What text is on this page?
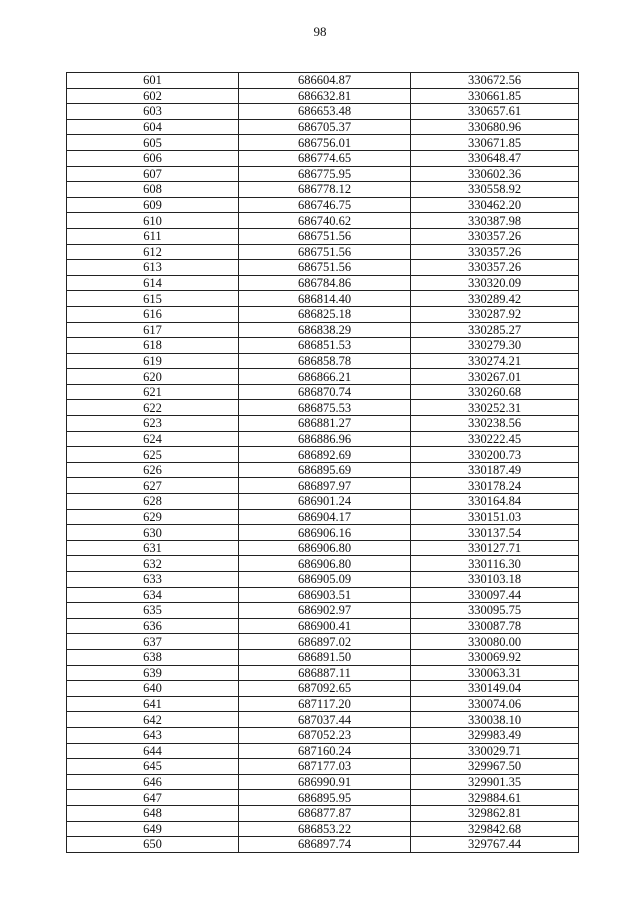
98
601	686604.87	330672.56
602	686632.81	330661.85
603	686653.48	330657.61
604	686705.37	330680.96
605	686756.01	330671.85
606	686774.65	330648.47
607	686775.95	330602.36
608	686778.12	330558.92
609	686746.75	330462.20
610	686740.62	330387.98
611	686751.56	330357.26
612	686751.56	330357.26
613	686751.56	330357.26
614	686784.86	330320.09
615	686814.40	330289.42
616	686825.18	330287.92
617	686838.29	330285.27
618	686851.53	330279.30
619	686858.78	330274.21
620	686866.21	330267.01
621	686870.74	330260.68
622	686875.53	330252.31
623	686881.27	330238.56
624	686886.96	330222.45
625	686892.69	330200.73
626	686895.69	330187.49
627	686897.97	330178.24
628	686901.24	330164.84
629	686904.17	330151.03
630	686906.16	330137.54
631	686906.80	330127.71
632	686906.80	330116.30
633	686905.09	330103.18
634	686903.51	330097.44
635	686902.97	330095.75
636	686900.41	330087.78
637	686897.02	330080.00
638	686891.50	330069.92
639	686887.11	330063.31
640	687092.65	330149.04
641	687117.20	330074.06
642	687037.44	330038.10
643	687052.23	329983.49
644	687160.24	330029.71
645	687177.03	329967.50
646	686990.91	329901.35
647	686895.95	329884.61
648	686877.87	329862.81
649	686853.22	329842.68
650	686897.74	329767.44
